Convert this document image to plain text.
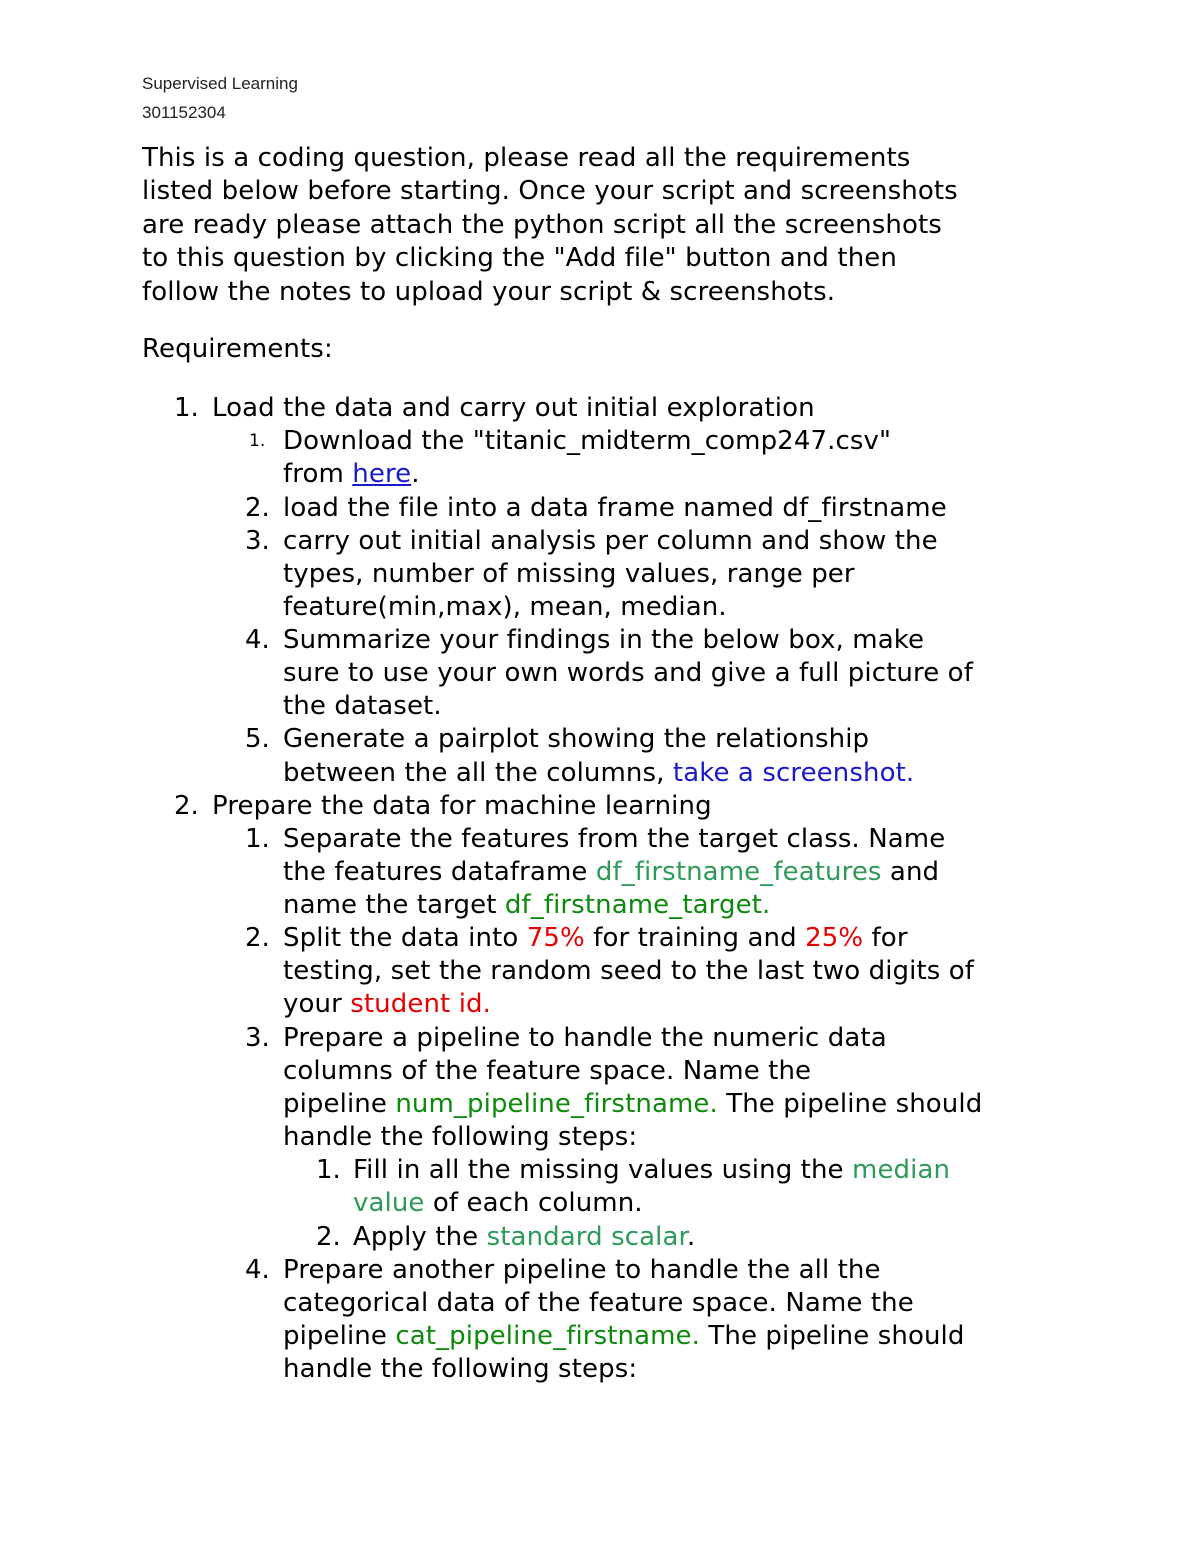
Supervised Learning
301152304
This is a coding question, please read all the requirements
listed below before starting. Once your script and screenshots
are ready please attach the python script all the screenshots
to this question by clicking the "Add file" button and then
follow the notes to upload your script & screenshots.
Requirements:
1. Load the data and carry out initial exploration
1. Download the "titanic_midterm_comp247.csv"
from here.
2. load the file into a data frame named df_firstname
3. carry out initial analysis per column and show the
types, number of missing values, range per
feature(min,max), mean, median.
4. Summarize your findings in the below box, make
sure to use your own words and give a full picture of
the dataset.
5. Generate a pairplot showing the relationship
between the all the columns, take a screenshot.
2. Prepare the data for machine learning
1. Separate the features from the target class. Name
the features dataframe df_firstname_features and
name the target df_firstname_target.
2. Split the data into 75% for training and 25% for
testing, set the random seed to the last two digits of
your student id.
3. Prepare a pipeline to handle the numeric data
columns of the feature space. Name the
pipeline num_pipeline_firstname. The pipeline should
handle the following steps:
1. Fill in all the missing values using the median
value of each column.
2. Apply the standard scalar.
4. Prepare another pipeline to handle the all the
categorical data of the feature space. Name the
pipeline cat_pipeline_firstname. The pipeline should
handle the following steps:
